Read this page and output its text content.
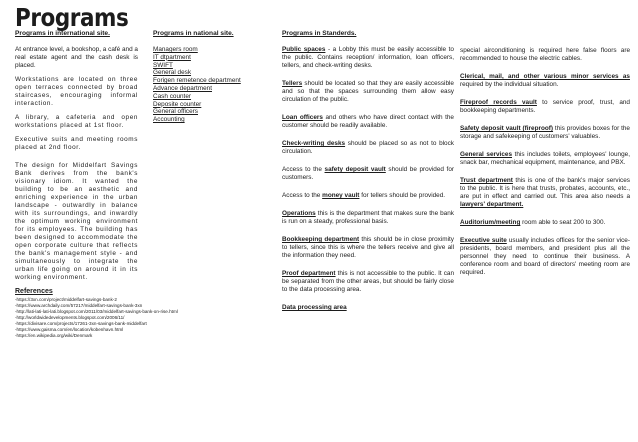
Programs

Programs in international site.

At entrance level, a bookshop, a café and a real estate agent and the cash desk is placed.

Workstations are located on three open terraces connected by broad staircases, encouraging informal interaction.

A library, a cafeteria and open workstations placed at 1st floor.

Executive suits and meeting rooms placed at 2nd floor.

The design for Middelfart Savings Bank derives from the bank's visionary idiom. It wanted the building to be an aesthetic and enriching experience in the urban landscape - outwardly in balance with its surroundings, and inwardly the optimum working environment for its employees. The building has been designed to accommodate the open corporate culture that reflects the bank's management style - and simultaneously to integrate the urban life going on around it in its working environment.

References
-https://3xn.com/project/middelfart-savings-bank-2
-https://www.archdaily.com/57217/middelfart-savings-bank-3xn
-http://lati-lati-lati-lati.blogspot.com/2011/03/middelfart-savings-bank-on-rise.html
-http://worldwidedevelopments.blogspot.com/2006/11/
-https://divisare.com/projects/17261-3xn-savings-bank-middelfart
-https://www.gaisma.com/en/location/kobenhavn.html
-https://en.wikipedia.org/wiki/Denmark

Programs in national site.

Managers room
IT dtpartment
SWIFT
General desk
Forigen remetence department
Advance department
Cash counter
Deposite counter
General officers
Accounting

Programs in Standerds.

Public spaces - a Lobby this must be easily accessible to the public. Contains reception/ information, loan officers, tellers, and check-writing desks.

Tellers should be located so that they are easily accessible and so that the spaces surrounding them allow easy circulation of the public.

Loan officers and others who have direct contact with the customer should be readily available.

Check-writing desks should be placed so as not to block circulation.

Access to the safety deposit vault should be provided for customers.

Access to the money vault for tellers should be provided.

Operations this is the department that makes sure the bank is run on a steady, professional basis.

Bookkeeping department this should be in close proximity to tellers, since this is where the tellers receive and give all the information they need.

Proof department this is not accessible to the public. It can be separated from the other areas, but should be fairly close to the data processing area.

Data processing area

special airconditioning is required here false floors are recommended to house the electric cables.

Clerical, mail, and other various minor services as required by the individual situation.

Fireproof records vault to service proof, trust, and bookkeeping departments.

Safety deposit vault (fireproof) this provides boxes for the storage and safekeeping of customers' valuables.

General services this includes toilets, employees' lounge, snack bar, mechanical equipment, maintenance, and PBX.

Trust department this is one of the bank's major services to the public. It is here that trusts, probates, accounts, etc., are put in effect and carried out. This area also needs a lawyers' department.

Auditorium/meeting room able to seat 200 to 300.

Executive suite usually includes offices for the senior vice-presidents, board members, and president plus all the personnel they need to continue their business. A conference room and board of directors' meeting room are required.
